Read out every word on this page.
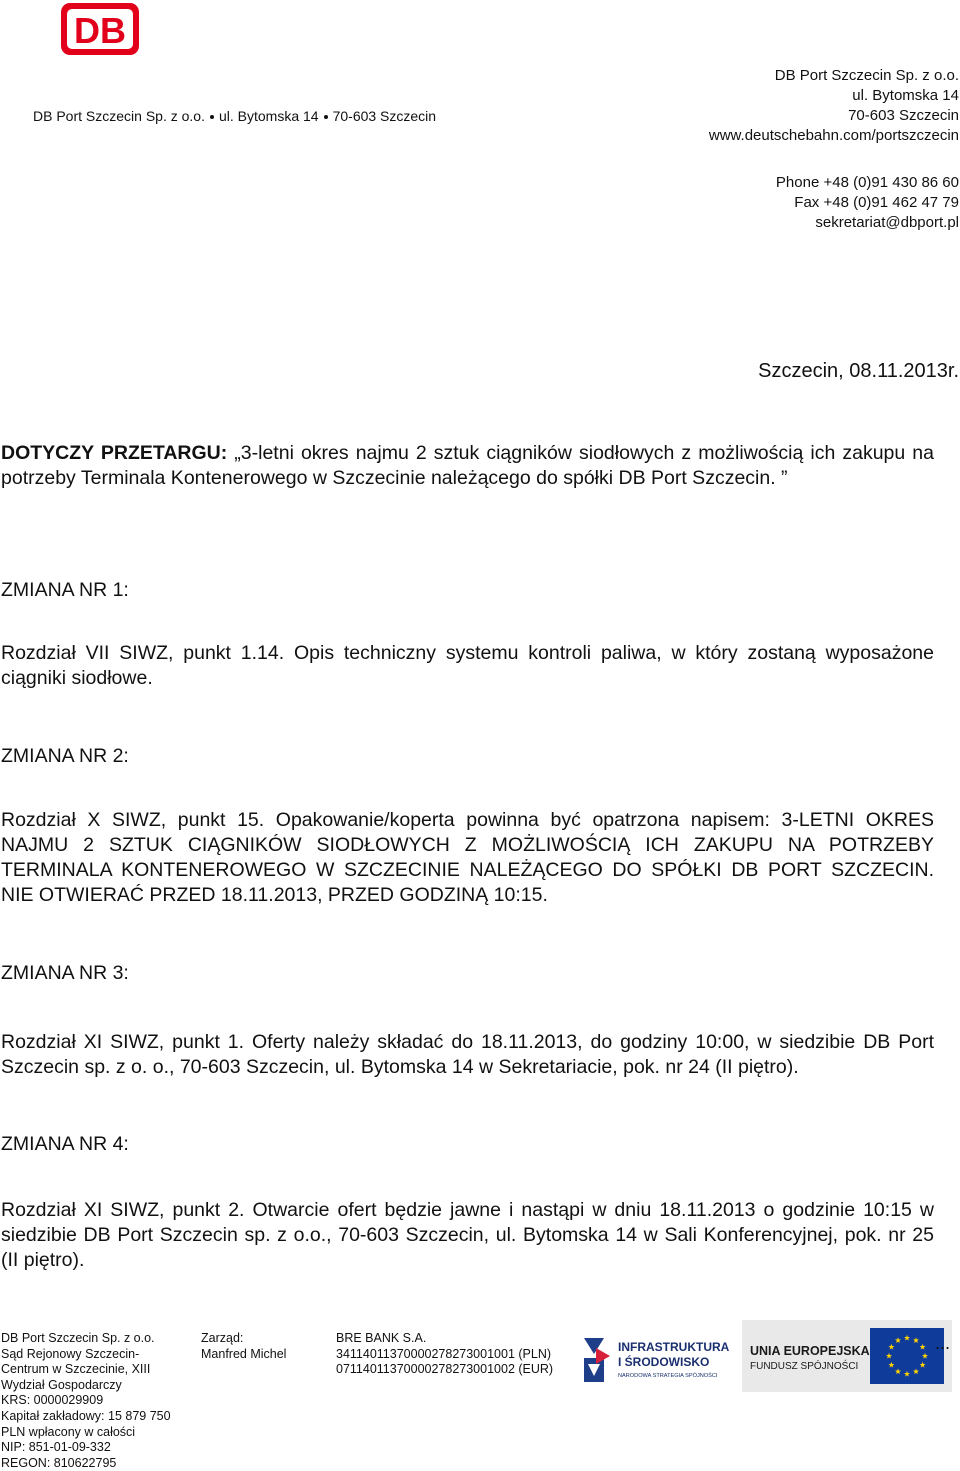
DB
DB Port Szczecin Sp. z o.o. ul. Bytomska 14 70-603 Szczecin
DB Port Szczecin Sp. z o.o.
ul. Bytomska 14
70-603 Szczecin
www.deutschebahn.com/portszczecin
Phone +48 (0)91 430 86 60
Fax +48 (0)91 462 47 79
sekretariat@dbport.pl
Szczecin, 08.11.2013r.
DOTYCZY PRZETARGU: „3-letni okres najmu 2 sztuk ciągników siodłowych z możliwością ich zakupu na potrzeby Terminala Kontenerowego w Szczecinie należącego do spółki DB Port Szczecin. ”
ZMIANA NR 1:
Rozdział VII SIWZ, punkt 1.14. Opis techniczny systemu kontroli paliwa, w który zostaną wyposażone ciągniki siodłowe.
ZMIANA NR 2:
Rozdział X SIWZ, punkt 15. Opakowanie/koperta powinna być opatrzona napisem: 3-LETNI OKRES NAJMU 2 SZTUK CIĄGNIKÓW SIODŁOWYCH Z MOŻLIWOŚCIĄ ICH ZAKUPU NA POTRZEBY TERMINALA KONTENEROWEGO W SZCZECINIE NALEŻĄCEGO DO SPÓŁKI DB PORT SZCZECIN. NIE OTWIERAĆ PRZED 18.11.2013, PRZED GODZINĄ 10:15.
ZMIANA NR 3:
Rozdział XI SIWZ, punkt 1. Oferty należy składać do 18.11.2013, do godziny 10:00, w siedzibie DB Port Szczecin sp. z o. o., 70-603 Szczecin, ul. Bytomska 14 w Sekretariacie, pok. nr 24 (II piętro).
ZMIANA NR 4:
Rozdział XI SIWZ, punkt 2. Otwarcie ofert będzie jawne i nastąpi w dniu 18.11.2013 o godzinie 10:15 w siedzibie DB Port Szczecin sp. z o.o., 70-603 Szczecin, ul. Bytomska 14 w Sali Konferencyjnej, pok. nr 25 (II piętro).
DB Port Szczecin Sp. z o.o.
Sąd Rejonowy Szczecin-
Centrum w Szczecinie, XIII
Wydział Gospodarczy
KRS: 0000029909
Kapitał zakładowy: 15 879 750
PLN wpłacony w całości
NIP: 851-01-09-332
REGON: 810622795
Zarząd:
Manfred Michel
BRE BANK S.A.
34114011370000278273001001 (PLN)
07114011370000278273001002 (EUR)
INFRASTRUKTURA
I ŚRODOWISKO
NARODOWA STRATEGIA SPÓJNOŚCI
UNIA EUROPEJSKA
FUNDUSZ SPÓJNOŚCI
...
